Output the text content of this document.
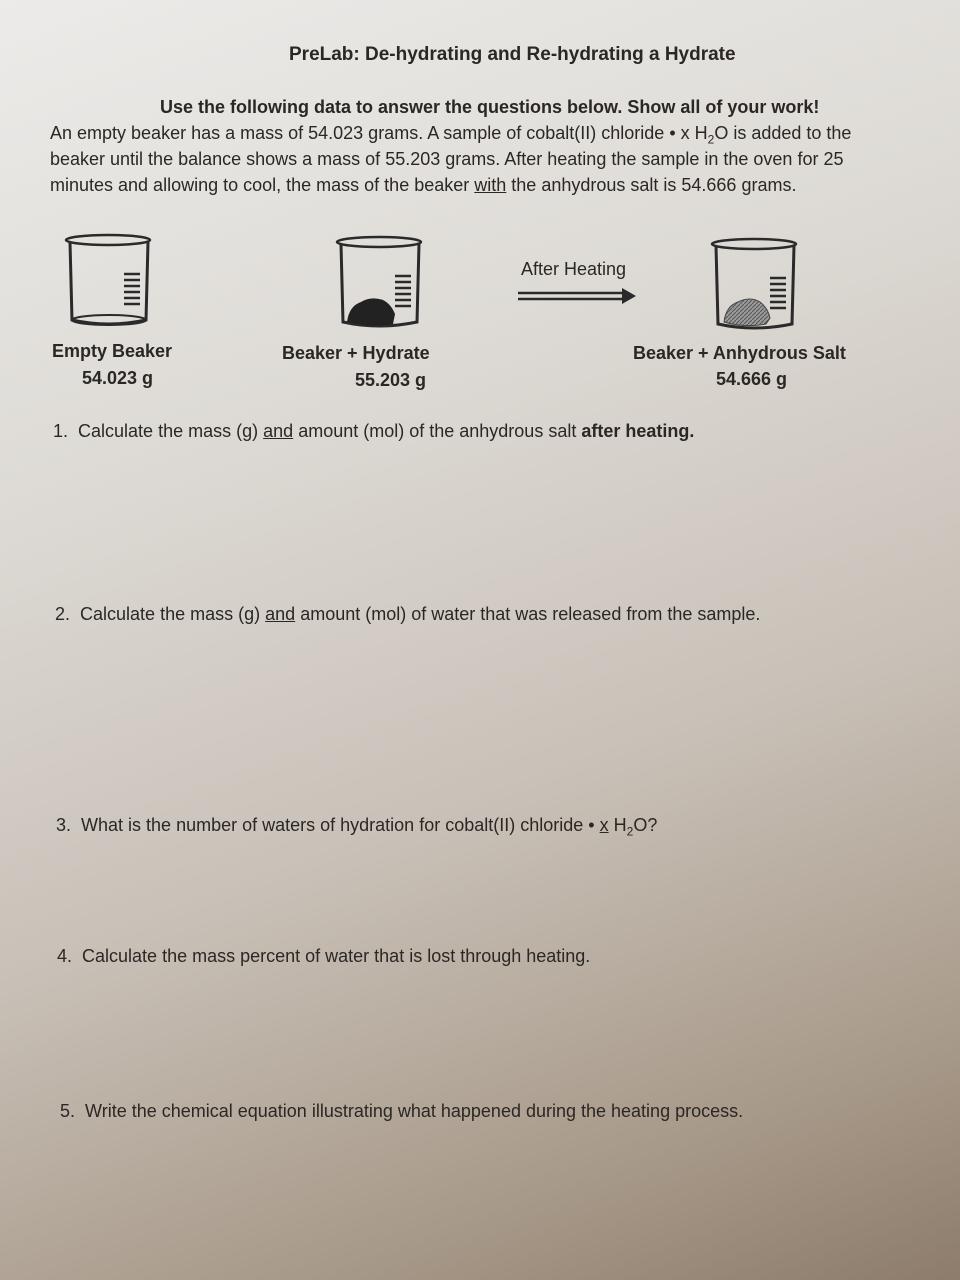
PreLab: De-hydrating and Re-hydrating a Hydrate
Use the following data to answer the questions below. Show all of your work!
An empty beaker has a mass of 54.023 grams. A sample of cobalt(II) chloride • x $H_2O$ is added to the
beaker until the balance shows a mass of 55.203 grams. After heating the sample in the oven for 25
minutes and allowing to cool, the mass of the beaker with the anhydrous salt is 54.666 grams.
After Heating
Empty Beaker
54.023 g
Beaker + Hydrate
55.203 g
Beaker + Anhydrous Salt
54.666 g
1. Calculate the mass (g) and amount (mol) of the anhydrous salt after heating.
2. Calculate the mass (g) and amount (mol) of water that was released from the sample.
3. What is the number of waters of hydration for cobalt(II) chloride • x $H_2O$?
4. Calculate the mass percent of water that is lost through heating.
5. Write the chemical equation illustrating what happened during the heating process.
